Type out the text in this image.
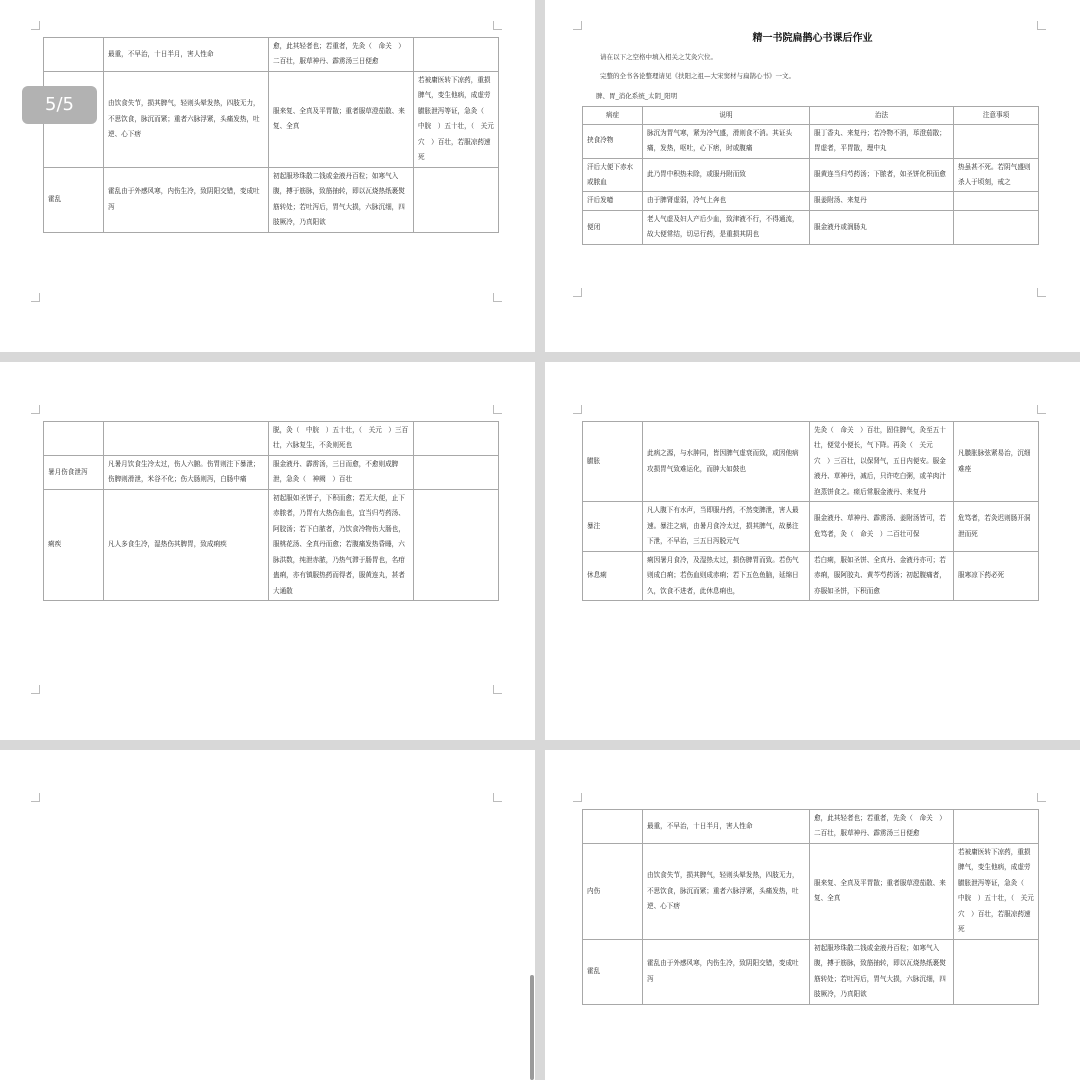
	最重，不早治，十日半月，害人性命	愈，此其轻者也；若重者，先灸（　命关　）二百壮，服草神丹、霹雳汤三日便愈	
	由饮食失节，损其脾气，轻则头晕发热，四肢无力，不思饮食，脉沉而紧；重者六脉浮紧，头痛发热，吐逆、心下痞	服来复、全真及平胃散；重者服草澄茄散、来复、全真	若被庸医转下凉药，重损脾气，变生他病，成虚劳臌胀泄泻等证，急灸（　中脘　）五十壮，（　关元穴　）百壮，若服凉药速死
霍乱	霍乱由于外感风寒，内伤生冷，致阴阳交错，变成吐泻	初起服珍珠散二钱或金液丹百粒；如寒气入腹，搏于筋脉，致筋抽转，即以瓦烧热纸裹熨筋转处；若吐泻后，胃气大损，六脉沉细，四肢厥冷，乃真阳欲	
5/5
精一书院扁鹊心书课后作业
请在以下之空格中填入相关之艾灸穴位。
完整的全书各论整理请见《扶阳之祖—大宋窦材与扁鹊心书》一文。
脾、胃_消化系统_太阴_阳明
病症	说明	治法	注意事项
挟食冷物	脉沉为胃气寒，紧为冷气盛，滑则食不消。其证头痛，发热，呕吐，心下痞，时或腹痛	服丁香丸、来复丹；若冷物不消，荜澄茄散；胃虚者，平胃散，理中丸	
汗后大便下赤水或脓血	此乃胃中积热未除，或服丹附而致	服黄连当归芍药汤；下脓者，如圣饼化积而愈	热虽甚不死。若阴气盛则杀人于顷刻，戒之
汗后发噫	由于脾肾虚弱，冷气上奔也	服姜附汤、来复丹	
便闭	老人气虚及妇人产后少血，致津液不行，不得通流，故大便常结，切忌行药，是重损其阴也	服金液丹或润肠丸	
		脱，灸（　中脘　）五十壮，（　关元　）三百壮，六脉复生，不灸则死也	
暑月伤食泄泻	凡暑月饮食生冷太过，伤人六腑。伤胃则注下暴泄；伤脾则滑泄，米谷不化；伤大肠则泻，白肠中痛	服金液丹、霹雳汤，三日而愈，不愈则成脾泄，急灸（　神阙　）百壮	
痢疾	凡人多食生冷，湿热伤其脾胃，致成痢疾	初起服如圣饼子，下积而愈；若无大便，止下赤脓者，乃胃有大热伤血也，宜当归芍药汤、阿胶汤；若下白脓者，乃饮食冷物伤大肠也，服桃花汤、全真丹而愈；若腹痛发热昏睡，六脉洪数，纯泄赤脓，乃热气滞于肠胃也，名疳蛊痢，亦有镇服热药而得者，服黄连丸，甚者大通散	
臌胀	此病之源，与水肿同，皆因脾气虚衰而致，或因他病攻损胃气致难运化，而肿大如鼓也	先灸（　命关　）百壮，固住脾气，灸至五十壮，便觉小便长，气下降。再灸（　关元穴　）三百壮，以保肾气，五日内便安。服金液丹、草神丹，减后，只许吃白粥，或羊肉汁泡蒸饼食之。瘥后常服金液丹、来复丹	凡臌胀脉弦紧易治，沉细难痊
暴注	凡人腹下有水声，当即服丹药，不然变脾泄，害人最速。暴注之病，由暑月食冷太过，损其脾气，故暴注下泄，不早治，三五日泻脱元气	服金液丹、草神丹、霹雳汤、姜附汤皆可，若危笃者，灸（　命关　）二百壮可保	危笃者，若灸迟则肠开洞泄而死
休息痢	痢因暑月食冷，及湿热太过，损伤脾胃而致。若伤气则成白痢；若伤血则成赤痢；若下五色鱼脑，延绵日久，饮食不进者，此休息痢也，	若白痢，服如圣饼、全真丹、金液丹亦可；若赤痢，服阿胶丸、黄芩芍药汤；初起腹痛者，亦服如圣饼，下积而愈	服寒凉下药必死
	最重，不早治，十日半月，害人性命	愈，此其轻者也；若重者，先灸（　命关　）二百壮，服草神丹、霹雳汤三日便愈	
内伤	由饮食失节，损其脾气，轻则头晕发热，四肢无力，不思饮食，脉沉而紧；重者六脉浮紧，头痛发热，吐逆、心下痞	服来复、全真及平胃散；重者服草澄茄散、来复、全真	若被庸医转下凉药，重损脾气，变生他病，成虚劳臌胀泄泻等证，急灸（　中脘　）五十壮，（　关元穴　）百壮，若服凉药速死
霍乱	霍乱由于外感风寒，内伤生冷，致阴阳交错，变成吐泻	初起服珍珠散二钱或金液丹百粒；如寒气入腹，搏于筋脉，致筋抽转，即以瓦烧热纸裹熨筋转处；若吐泻后，胃气大损，六脉沉细，四肢厥冷，乃真阳欲	
